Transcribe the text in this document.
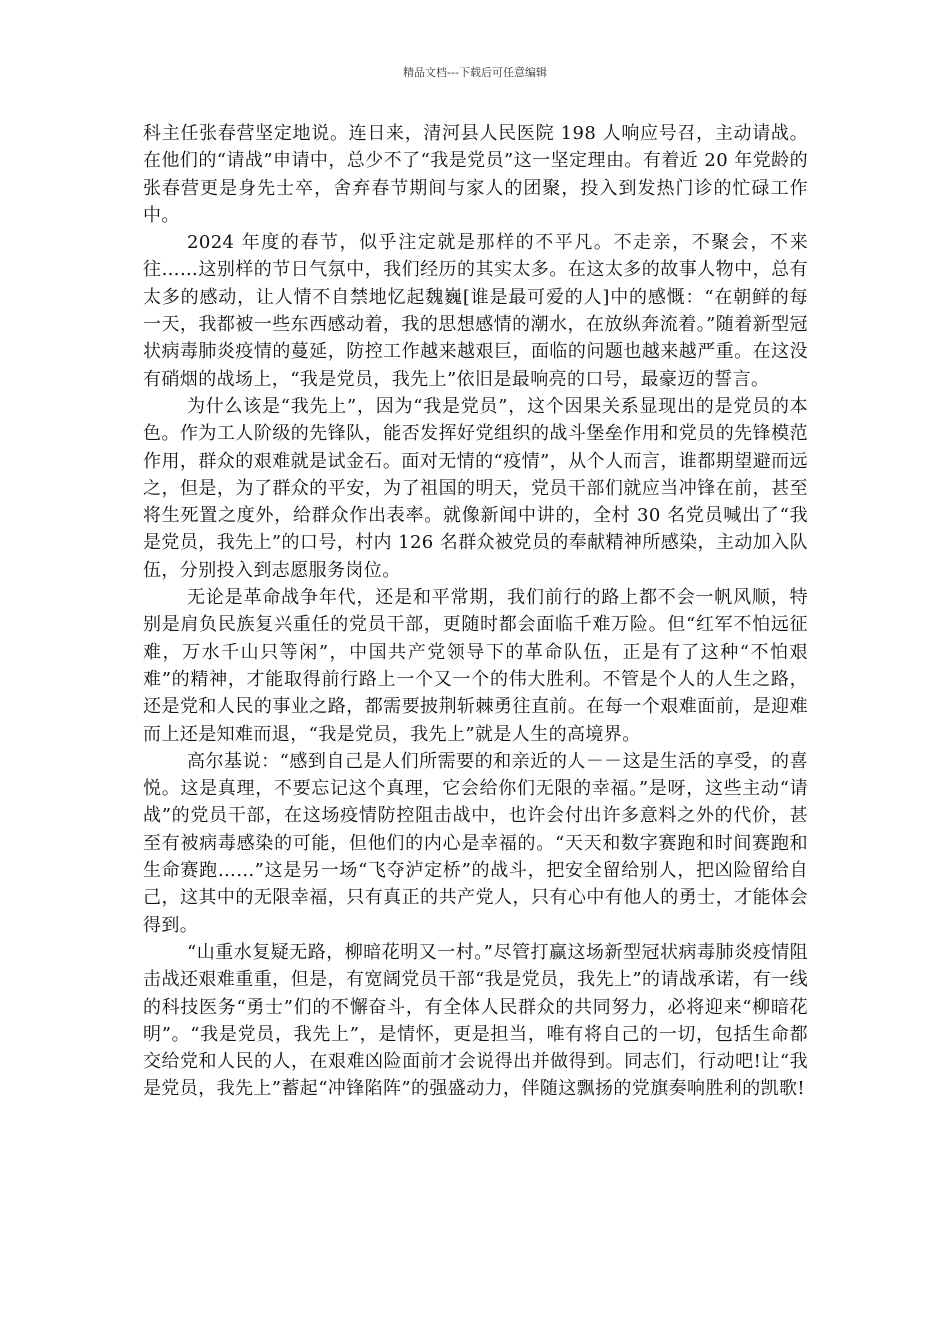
精品文档---下载后可任意编辑

科主任张春营坚定地说。连日来，清河县人民医院 198 人响应号召，主动请战。在他们的“请战”申请中，总少不了“我是党员”这一坚定理由。有着近 20 年党龄的张春营更是身先士卒，舍弃春节期间与家人的团聚，投入到发热门诊的忙碌工作中。

2024 年度的春节，似乎注定就是那样的不平凡。不走亲，不聚会，不来往……这别样的节日气氛中，我们经历的其实太多。在这太多的故事人物中，总有太多的感动，让人情不自禁地忆起魏巍[谁是最可爱的人]中的感慨：“在朝鲜的每一天，我都被一些东西感动着，我的思想感情的潮水，在放纵奔流着。”随着新型冠状病毒肺炎疫情的蔓延，防控工作越来越艰巨，面临的问题也越来越严重。在这没有硝烟的战场上，“我是党员，我先上”依旧是最响亮的口号，最豪迈的誓言。

为什么该是“我先上”，因为“我是党员”，这个因果关系显现出的是党员的本色。作为工人阶级的先锋队，能否发挥好党组织的战斗堡垒作用和党员的先锋模范作用，群众的艰难就是试金石。面对无情的“疫情”，从个人而言，谁都期望避而远之，但是，为了群众的平安，为了祖国的明天，党员干部们就应当冲锋在前，甚至将生死置之度外，给群众作出表率。就像新闻中讲的，全村 30 名党员喊出了“我是党员，我先上”的口号，村内 126 名群众被党员的奉献精神所感染，主动加入队伍，分别投入到志愿服务岗位。

无论是革命战争年代，还是和平常期，我们前行的路上都不会一帆风顺，特别是肩负民族复兴重任的党员干部，更随时都会面临千难万险。但“红军不怕远征难，万水千山只等闲”，中国共产党领导下的革命队伍，正是有了这种“不怕艰难”的精神，才能取得前行路上一个又一个的伟大胜利。不管是个人的人生之路，还是党和人民的事业之路，都需要披荆斩棘勇往直前。在每一个艰难面前，是迎难而上还是知难而退，“我是党员，我先上”就是人生的高境界。

高尔基说：“感到自己是人们所需要的和亲近的人－－这是生活的享受，的喜悦。这是真理，不要忘记这个真理，它会给你们无限的幸福。”是呀，这些主动“请战”的党员干部，在这场疫情防控阻击战中，也许会付出许多意料之外的代价，甚至有被病毒感染的可能，但他们的内心是幸福的。“天天和数字赛跑和时间赛跑和生命赛跑……”这是另一场“飞夺泸定桥”的战斗，把安全留给别人，把凶险留给自己，这其中的无限幸福，只有真正的共产党人，只有心中有他人的勇士，才能体会得到。

“山重水复疑无路，柳暗花明又一村。”尽管打赢这场新型冠状病毒肺炎疫情阻击战还艰难重重，但是，有宽阔党员干部“我是党员，我先上”的请战承诺，有一线的科技医务“勇士”们的不懈奋斗，有全体人民群众的共同努力，必将迎来“柳暗花明”。“我是党员，我先上”，是情怀，更是担当，唯有将自己的一切，包括生命都交给党和人民的人，在艰难凶险面前才会说得出并做得到。同志们，行动吧!让“我是党员，我先上”蓄起“冲锋陷阵”的强盛动力，伴随这飘扬的党旗奏响胜利的凯歌!
